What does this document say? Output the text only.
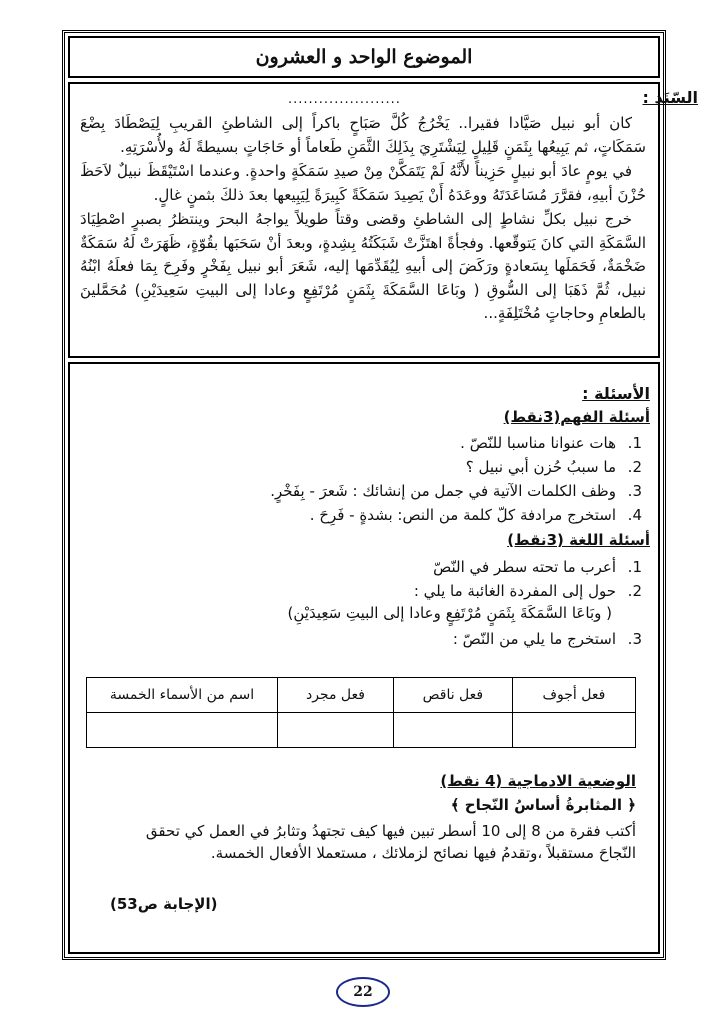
الموضوع الواحد و العشرون
السّنَد :
......................

كان أبو نبيل صَيَّادا فقيرا.. يَخْرُجُ كُلَّ صَبَاحٍ باكراً إلى الشاطئِ القريبِ لِيَصْطَادَ بِضْعَ سَمَكَاتٍ، ثم يَبِيعُها بِثَمَنٍ قَلِيلٍ لِيَشْتَرِيَ بِذَلِكَ الثَّمَنِ طَعاماً أو حَاجَاتٍ بسيطةً لَهُ ولأُسْرَتِهِ.

في يومٍ عادَ أبو نبيلٍ حَزِيناً لأَنَّهُ لَمْ يَتَمَكَّنْ مِنْ صيدِ سَمَكَةٍ واحدةٍ. وعندما اسْتَيْقَظَ نبيلٌ لاَحَظَ حُزْنَ أبيهِ، فقرَّرَ مُسَاعَدَتَهُ ووعَدَهُ أَنْ يَصِيدَ سَمَكَةً كَبِيرَةً لِيَبِيعها بعدَ ذلكَ بثمنٍ غالٍ.

خرج نبيل بكلِّ نشاطٍ إلى الشاطئِ وقضى وقتاً طويلاً يواجهُ البحرَ وينتظرُ بصبرٍ اصْطِيَادَ السَّمَكَةِ التي كانَ يَتوقّعها. وفجأةً اهتَزَّتْ شَبَكَتُهُ بِشِدةٍ، وبعدَ أنْ سَحَبَها بقُوّةٍ، ظَهَرَتْ لَهُ سَمَكَةٌ ضَخْمَةٌ، فَحَمَلَها بِسَعادةٍ ورَكَضَ إلى أبيهِ لِيُقَدِّمَها إليه، شَعَرَ أبو نبيل بِفَخْرٍ وفَرِحَ بِمَا فعلَهُ ابْنُهُ نبيل، ثُمَّ ذَهَبَا إلى السُّوقِ ( وبَاعَا السَّمَكَةَ بِثَمَنٍ مُرْتَفِعٍ وعادا إلى البيتِ سَعِيدَيْنِ) مُحَمَّلينَ بالطعامِ وحاجاتٍ مُخْتَلِفَةٍ...

الأسئلة :
أسئلة الفهم(3نقط)
1.هات عنوانا مناسبا للنّصّ .
2.ما سببُ حُزن أبي نبيل ؟
3.وظف الكلمات الآتية في جمل من إنشائك : شَعرَ - بِفَخْرٍ.
4.استخرج مرادفة كلّ كلمة من النص: بشدةٍ - فَرِحَ .
أسئلة اللغة (3نقط)
1.أعرب ما تحته سطر في النّصّ
2.حول إلى المفردة الغائبة ما يلي :
( وبَاعَا السَّمَكَةَ بِثَمَنٍ مُرْتَفِعٍ وعادا إلى البيتِ سَعِيدَيْنِ)
3.استخرج ما يلي من النّصّ :
فعل أجوف	فعل ناقص	فعل مجرد	اسم من الأسماء الخمسة

الوضعية الادماجية (4 نقط)
﴿ المثابرةُ أساسُ النّجاح ﴾
أكتب فقرة من 8 إلى 10 أسطر تبين فيها كيف تجتهدُ وتثابرُ في العمل كي تحقق النّجاحَ مستقبلاً ،وتقدمُ فيها نصائح لزملائك ، مستعملا الأفعال الخمسة.
(الإجابة ص53)
22
